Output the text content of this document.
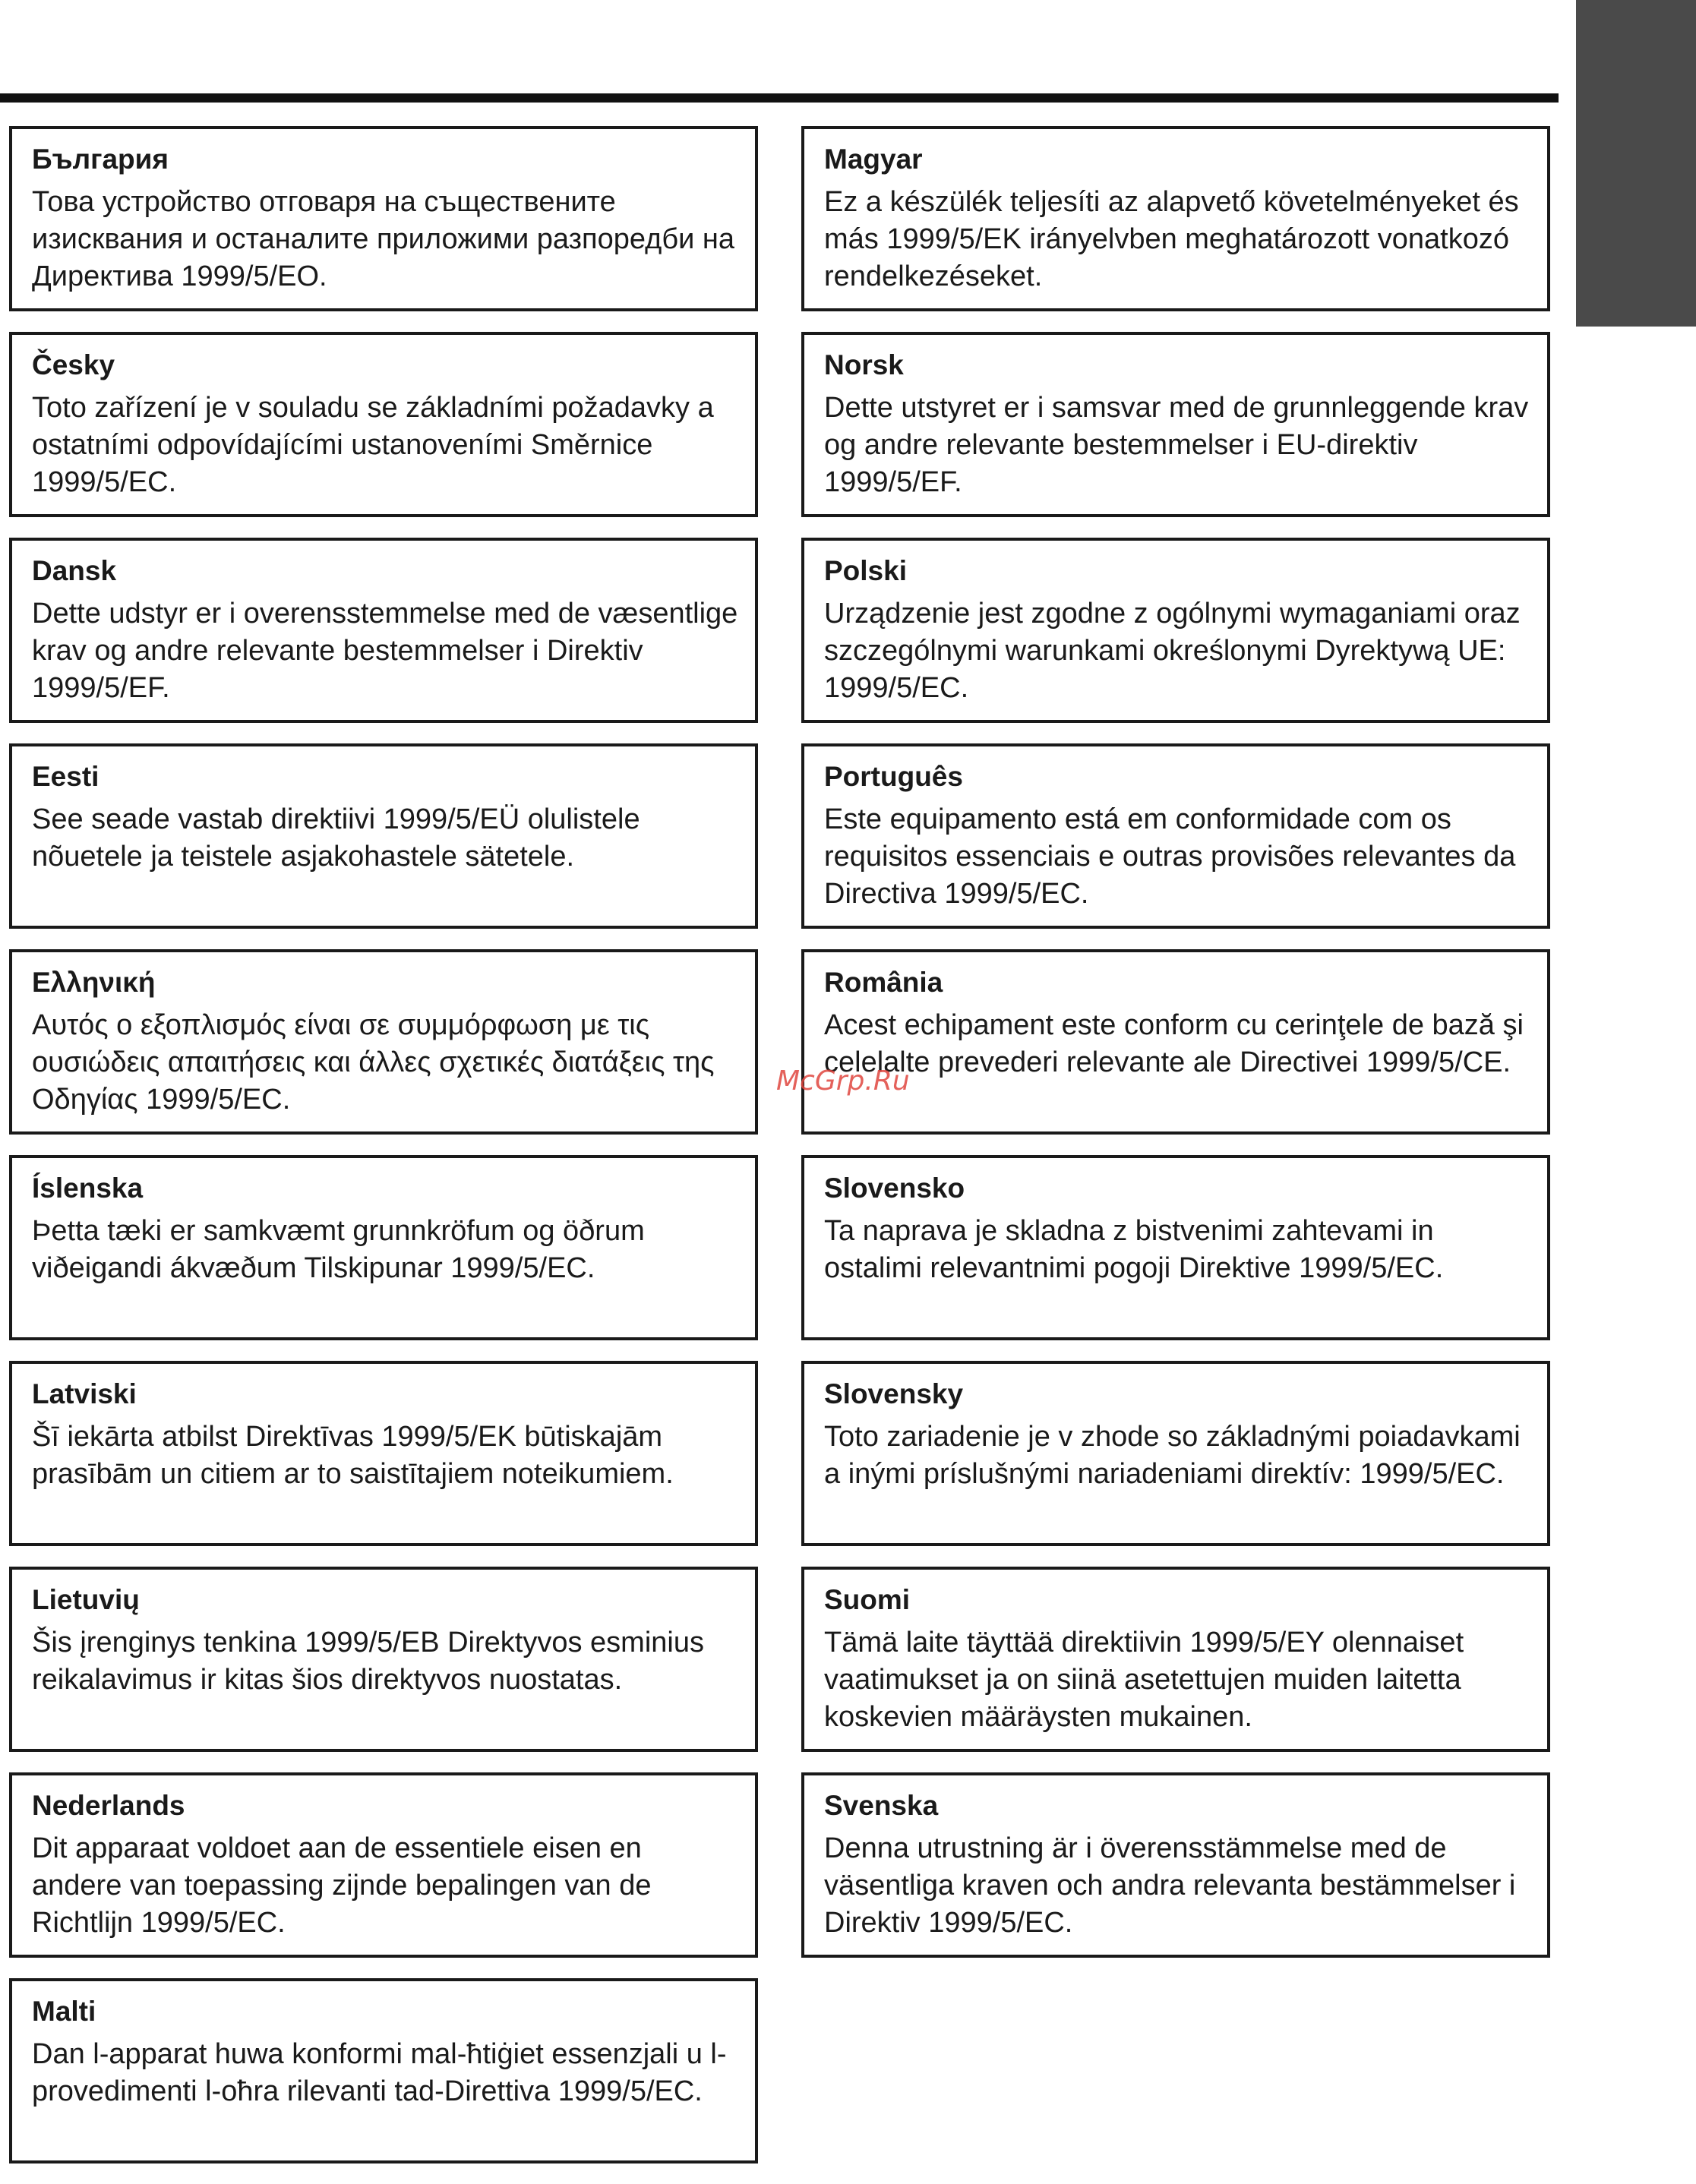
България

Това устройство отговаря на съществените изисквания и останалите приложими разпоредби на Директива 1999/5/ЕО.

Česky

Toto zařízení je v souladu se základními požadavky a ostatními odpovídajícími ustanoveními Směrnice 1999/5/EC.

Dansk

Dette udstyr er i overensstemmelse med de væsentlige krav og andre relevante bestemmelser i Direktiv 1999/5/EF.

Eesti

See seade vastab direktiivi 1999/5/EÜ olulistele nõuetele ja teistele asjakohastele sätetele.

Ελληνική

Αυτός ο εξοπλισμός είναι σε συμμόρφωση με τις ουσιώδεις απαιτήσεις και άλλες σχετικές διατάξεις της Οδηγίας 1999/5/EC.

Íslenska

Þetta tæki er samkvæmt grunnkröfum og öðrum viðeigandi ákvæðum Tilskipunar 1999/5/EC.

Latviski

Šī iekārta atbilst Direktīvas 1999/5/EK būtiskajām prasībām un citiem ar to saistītajiem noteikumiem.

Lietuvių

Šis įrenginys tenkina 1999/5/EB Direktyvos esminius reikalavimus ir kitas šios direktyvos nuostatas.

Nederlands

Dit apparaat voldoet aan de essentiele eisen en andere van toepassing zijnde bepalingen van de Richtlijn 1999/5/EC.

Malti

Dan l-apparat huwa konformi mal-ħtiġiet essenzjali u l-provedimenti l-oħra rilevanti tad-Direttiva 1999/5/EC.

Magyar

Ez a készülék teljesíti az alapvető követelményeket és más 1999/5/EK irányelvben meghatározott vonatkozó rendelkezéseket.

Norsk

Dette utstyret er i samsvar med de grunnleggende krav og andre relevante bestemmelser i EU-direktiv 1999/5/EF.

Polski

Urządzenie jest zgodne z ogólnymi wymaganiami oraz szczególnymi warunkami określonymi Dyrektywą UE: 1999/5/EC.

Português

Este equipamento está em conformidade com os requisitos essenciais e outras provisões relevantes da Directiva 1999/5/EC.

România

Acest echipament este conform cu cerinţele de bază şi celelalte prevederi relevante ale Directivei 1999/5/CE.

Slovensko

Ta naprava je skladna z bistvenimi zahtevami in ostalimi relevantnimi pogoji Direktive 1999/5/EC.

Slovensky

Toto zariadenie je v zhode so základnými poiadavkami a inými príslušnými nariadeniami direktív: 1999/5/EC.

Suomi

Tämä laite täyttää direktiivin 1999/5/EY olennaiset vaatimukset ja on siinä asetettujen muiden laitetta koskevien määräysten mukainen.

Svenska

Denna utrustning är i överensstämmelse med de väsentliga kraven och andra relevanta bestämmelser i Direktiv 1999/5/EC.

McGrp.Ru
